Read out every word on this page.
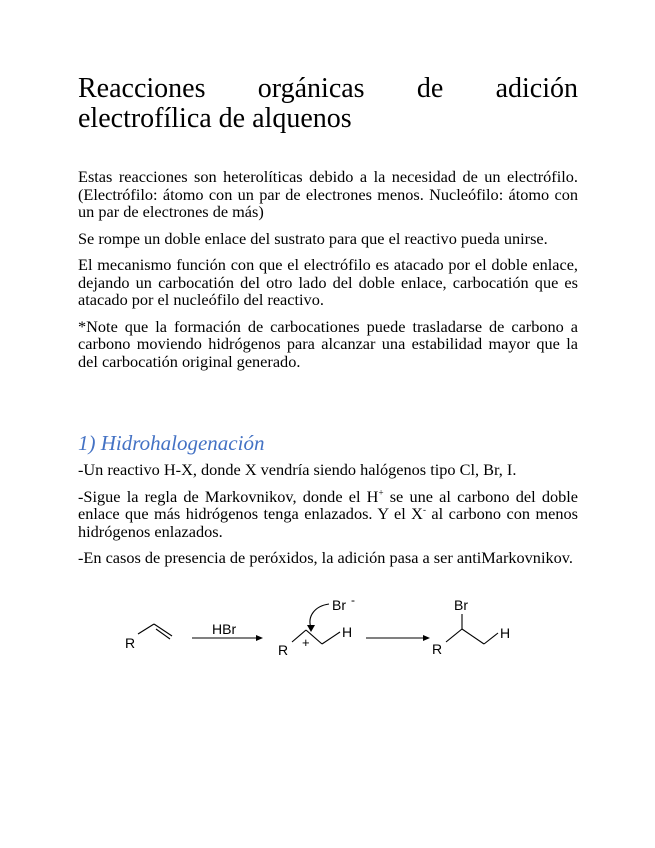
Reacciones orgánicas de adición electrofílica de alquenos

Estas reacciones son heterolíticas debido a la necesidad de un electrófilo. (Electrófilo: átomo con un par de electrones menos. Nucleófilo: átomo con un par de electrones de más)

Se rompe un doble enlace del sustrato para que el reactivo pueda unirse.

El mecanismo función con que el electrófilo es atacado por el doble enlace, dejando un carbocatión del otro lado del doble enlace, carbocatión que es atacado por el nucleófilo del reactivo.

*Note que la formación de carbocationes puede trasladarse de carbono a carbono moviendo hidrógenos para alcanzar una estabilidad mayor que la del carbocatión original generado.

1) Hidrohalogenación

-Un reactivo H-X, donde X vendría siendo halógenos tipo Cl, Br, I.

-Sigue la regla de Markovnikov, donde el H+ se une al carbono del doble enlace que más hidrógenos tenga enlazados. Y el X- al carbono con menos hidrógenos enlazados.

-En casos de presencia de peróxidos, la adición pasa a ser antiMarkovnikov.

R
HBr
Br -
+
R
H
Br
R
H
